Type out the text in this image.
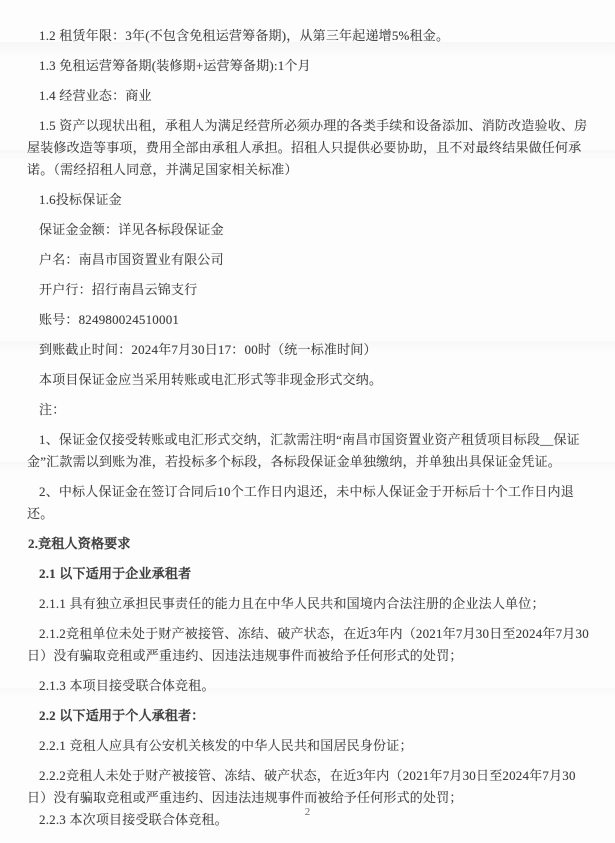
1.2 租赁年限：3年(不包含免租运营筹备期)，从第三年起递增5%租金。
1.3 免租运营筹备期(装修期+运营筹备期):1个月
1.4 经营业态：商业
1.5 资产以现状出租，承租人为满足经营所必须办理的各类手续和设备添加、消防改造验收、房屋装修改造等事项，费用全部由承租人承担。招租人只提供必要协助，且不对最终结果做任何承诺。（需经招租人同意，并满足国家相关标准）
1.6投标保证金
保证金金额：详见各标段保证金
户名：南昌市国资置业有限公司
开户行：招行南昌云锦支行
账号：824980024510001
到账截止时间：2024年7月30日17：00时（统一标准时间）
本项目保证金应当采用转账或电汇形式等非现金形式交纳。
注：
1、保证金仅接受转账或电汇形式交纳，汇款需注明“南昌市国资置业资产租赁项目标段__保证金”汇款需以到账为准，若投标多个标段，各标段保证金单独缴纳，并单独出具保证金凭证。
2、中标人保证金在签订合同后10个工作日内退还，未中标人保证金于开标后十个工作日内退还。
2.竞租人资格要求
2.1 以下适用于企业承租者
2.1.1 具有独立承担民事责任的能力且在中华人民共和国境内合法注册的企业法人单位；
2.1.2竞租单位未处于财产被接管、冻结、破产状态，在近3年内（2021年7月30日至2024年7月30日）没有骗取竞租或严重违约、因违法违规事件而被给予任何形式的处罚；
2.1.3 本项目接受联合体竞租。
2.2 以下适用于个人承租者：
2.2.1 竞租人应具有公安机关核发的中华人民共和国居民身份证；
2.2.2竞租人未处于财产被接管、冻结、破产状态，在近3年内（2021年7月30日至2024年7月30日）没有骗取竞租或严重违约、因违法违规事件而被给予任何形式的处罚；
2.2.3 本次项目接受联合体竞租。	2
